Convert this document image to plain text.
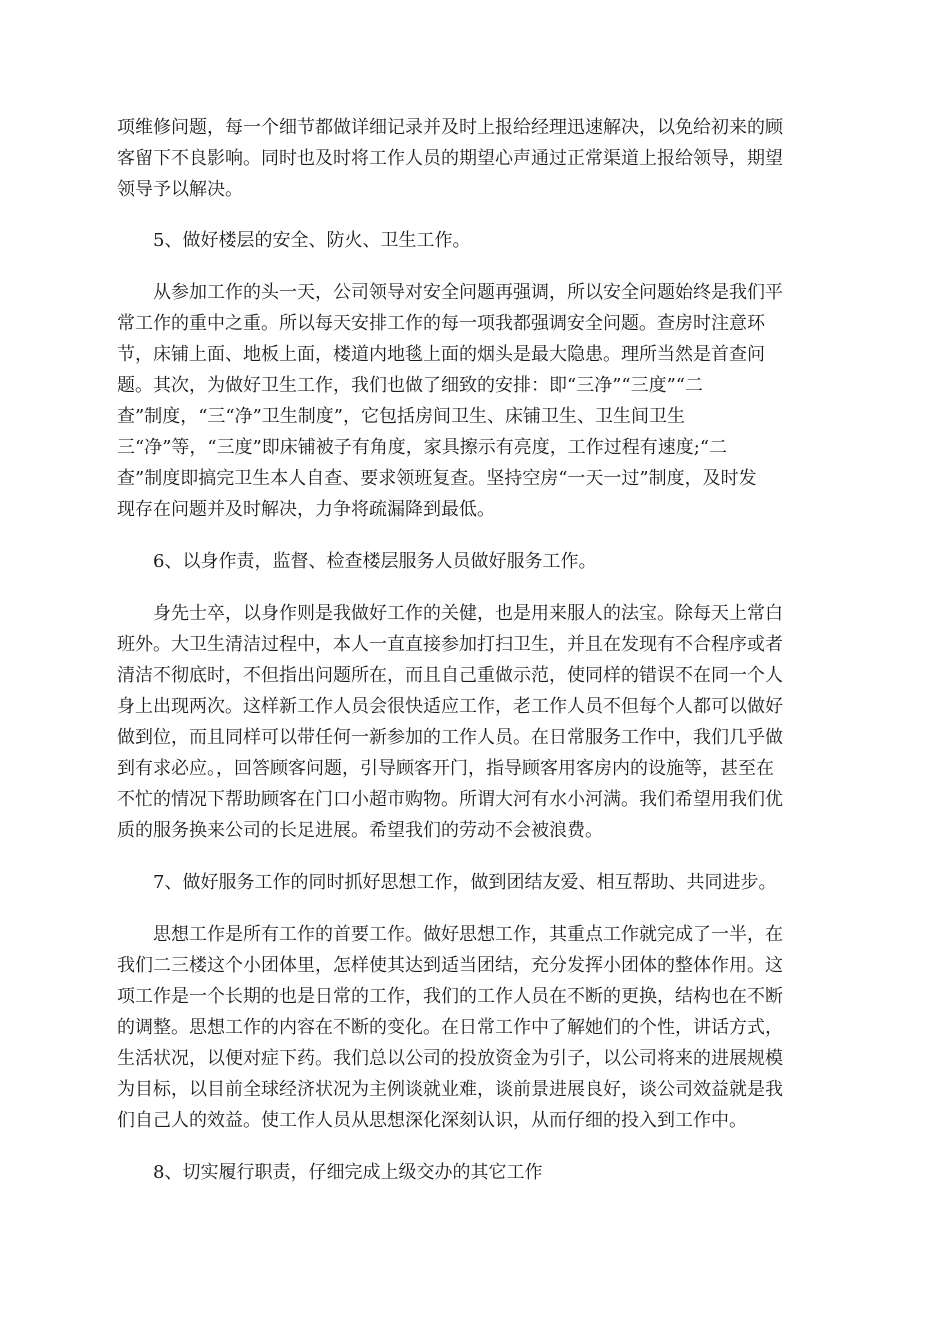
项维修问题，每一个细节都做详细记录并及时上报给经理迅速解决，以免给初来的顾
客留下不良影响。同时也及时将工作人员的期望心声通过正常渠道上报给领导，期望
领导予以解决。

5、做好楼层的安全、防火、卫生工作。

从参加工作的头一天，公司领导对安全问题再强调，所以安全问题始终是我们平
常工作的重中之重。所以每天安排工作的每一项我都强调安全问题。查房时注意环
节，床铺上面、地板上面，楼道内地毯上面的烟头是最大隐患。理所当然是首查问
题。其次，为做好卫生工作，我们也做了细致的安排：即“三净”“三度”“二
查”制度，“三“净”卫生制度”，它包括房间卫生、床铺卫生、卫生间卫生
三“净”等，“三度”即床铺被子有角度，家具擦示有亮度，工作过程有速度;“二
查”制度即搞完卫生本人自查、要求领班复查。坚持空房“一天一过”制度，及时发
现存在问题并及时解决，力争将疏漏降到最低。

6、以身作责，监督、检查楼层服务人员做好服务工作。

身先士卒，以身作则是我做好工作的关健，也是用来服人的法宝。除每天上常白
班外。大卫生清洁过程中，本人一直直接参加打扫卫生，并且在发现有不合程序或者
清洁不彻底时，不但指出问题所在，而且自己重做示范，使同样的错误不在同一个人
身上出现两次。这样新工作人员会很快适应工作，老工作人员不但每个人都可以做好
做到位，而且同样可以带任何一新参加的工作人员。在日常服务工作中，我们几乎做
到有求必应。，回答顾客问题，引导顾客开门，指导顾客用客房内的设施等，甚至在
不忙的情况下帮助顾客在门口小超市购物。所谓大河有水小河满。我们希望用我们优
质的服务换来公司的长足进展。希望我们的劳动不会被浪费。

7、做好服务工作的同时抓好思想工作，做到团结友爱、相互帮助、共同进步。

思想工作是所有工作的首要工作。做好思想工作，其重点工作就完成了一半，在
我们二三楼这个小团体里，怎样使其达到适当团结，充分发挥小团体的整体作用。这
项工作是一个长期的也是日常的工作，我们的工作人员在不断的更换，结构也在不断
的调整。思想工作的内容在不断的变化。在日常工作中了解她们的个性，讲话方式，
生活状况，以便对症下药。我们总以公司的投放资金为引子，以公司将来的进展规模
为目标，以目前全球经济状况为主例谈就业难，谈前景进展良好，谈公司效益就是我
们自己人的效益。使工作人员从思想深化深刻认识，从而仔细的投入到工作中。

8、切实履行职责，仔细完成上级交办的其它工作
